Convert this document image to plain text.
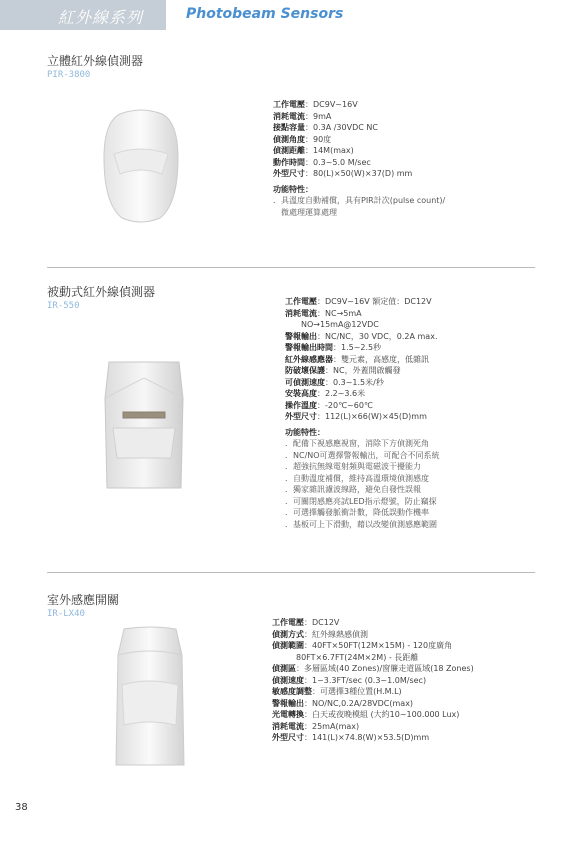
紅外線系列	Photobeam Sensors
立體紅外線偵測器
PIR-3800
工作電壓：DC9V~16V
消耗電流：9mA
接點容量：0.3A /30VDC NC
偵測角度：90度
偵測距離：14M(max)
動作時間：0.3~5.0 M/sec
外型尺寸：80(L)×50(W)×37(D) mm
功能特性：
．具溫度自動補償，具有PIR計次(pulse count)/
　微處理運算處理
被動式紅外線偵測器
IR-550	工作電壓：DC9V~16V 額定值：DC12V
消耗電流：NC→5mA
　　NO→15mA@12VDC
警報輸出：NC/NC，30 VDC，0.2A max.
警報輸出時間：1.5~2.5秒
紅外線感應器：雙元素，高感度，低雜訊
防破壞保護：NC，外蓋開啟觸發
可偵測速度：0.3~1.5米/秒
安裝高度：2.2~3.6米
操作溫度：-20℃~60℃
外型尺寸：112(L)×66(W)×45(D)mm
功能特性：
．配備下視感應視窗，消除下方偵測死角
．NC/NO可選擇警報輸出，可配合不同系統
．超強抗無線電射頻與電磁波干擾能力
．自動溫度補償，維持高溫環境偵測感度
．獨家雜訊濾波線路，避免自發性誤報
．可關閉感應亮試LED指示燈號，防止竊探
．可選擇觸發脈衝計數，降低誤動作機率
．基板可上下滑動，藉以改變偵測感應範圍
室外感應開關
IR-LX40
工作電壓：DC12V
偵測方式：紅外線熱感偵測
偵測範圍：40FT×50FT(12M×15M) - 120度廣角
　　　80FT×6.7FT(24M×2M) - 長距離
偵測區：多層區域(40 Zones)/窗簾走道區域(18 Zones)
偵測速度：1~3.3FT/sec (0.3~1.0M/sec)
敏感度調整：可選擇3種位置(H.M.L)
警報輸出：NO/NC,0.2A/28VDC(max)
光電轉換：白天或夜晚模組 (大約10~100.000 Lux)
消耗電流：25mA(max)
外型尺寸：141(L)×74.8(W)×53.5(D)mm
38
